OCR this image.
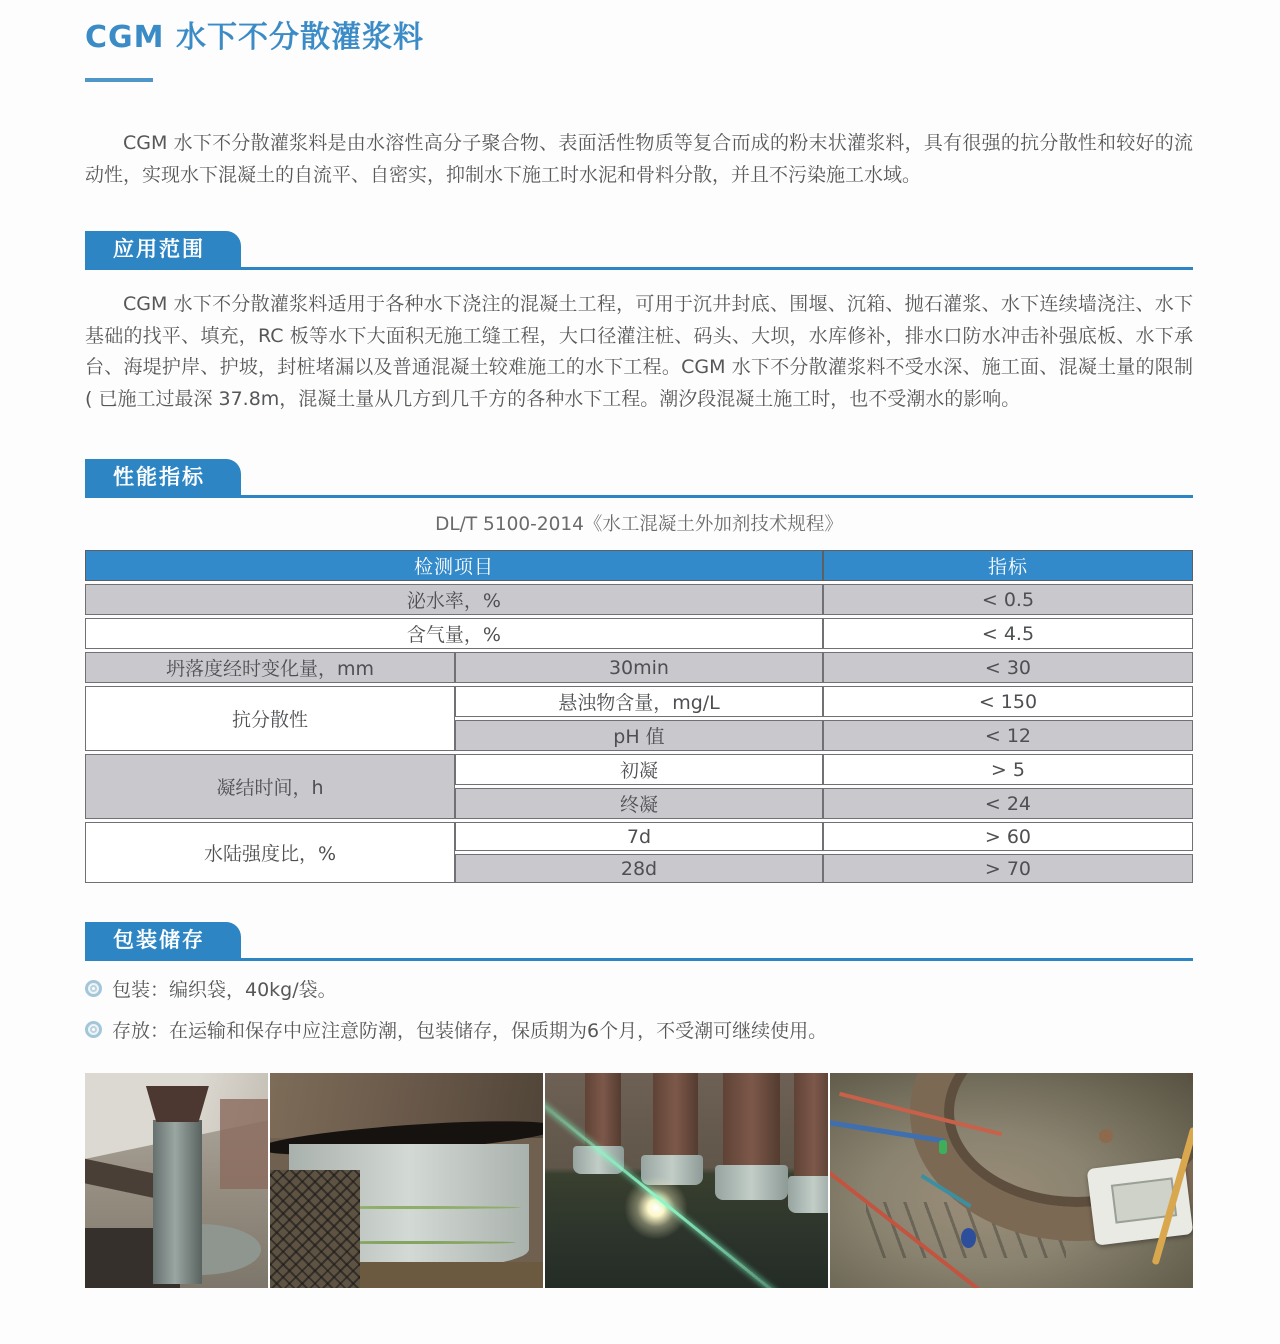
CGM 水下不分散灌浆料

CGM 水下不分散灌浆料是由水溶性高分子聚合物、表面活性物质等复合而成的粉末状灌浆料，具有很强的抗分散性和较好的流动性，实现水下混凝土的自流平、自密实，抑制水下施工时水泥和骨料分散，并且不污染施工水域。

应用范围

CGM 水下不分散灌浆料适用于各种水下浇注的混凝土工程，可用于沉井封底、围堰、沉箱、抛石灌浆、水下连续墙浇注、水下基础的找平、填充，RC 板等水下大面积无施工缝工程，大口径灌注桩、码头、大坝，水库修补，排水口防水冲击补强底板、水下承台、海堤护岸、护坡，封桩堵漏以及普通混凝土较难施工的水下工程。CGM 水下不分散灌浆料不受水深、施工面、混凝土量的限制 ( 已施工过最深 37.8m，混凝土量从几方到几千方的各种水下工程。潮汐段混凝土施工时，也不受潮水的影响。

性能指标
DL/T 5100-2014《水工混凝土外加剂技术规程》
检测项目		指标
泌水率，%		< 0.5
含气量，%		< 4.5
坍落度经时变化量，mm	30min	< 30
抗分散性	悬浊物含量，mg/L	< 150
	pH 值	< 12
凝结时间，h	初凝	> 5
	终凝	< 24
水陆强度比，%	7d	> 60
	28d	> 70
包装储存
包装：编织袋，40kg/袋。
存放：在运输和保存中应注意防潮，包装储存，保质期为6个月，不受潮可继续使用。
